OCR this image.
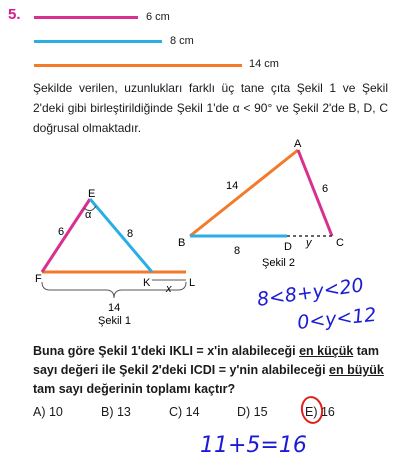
5.	6 cm
8 cm
14 cm
Şekilde verilen, uzunlukları farklı üç tane çıta Şekil 1 ve Şekil 2'deki gibi birleştirildiğinde Şekil 1'de α < 90° ve Şekil 2'de B, D, C doğrusal olmaktadır.
E
α
6	8
F	K x L
14
Şekil 1
A
14	6
B
8	D y C
Şekil 2
8<8+y<20
0<y<12
11+5=16
Buna göre Şekil 1'deki IKLI = x'in alabileceği en küçük tam sayı değeri ile Şekil 2'deki ICDI = y'nin alabileceği en büyük tam sayı değerinin toplamı kaçtır?
A) 10	B) 13	C) 14	D) 15	E) 16
